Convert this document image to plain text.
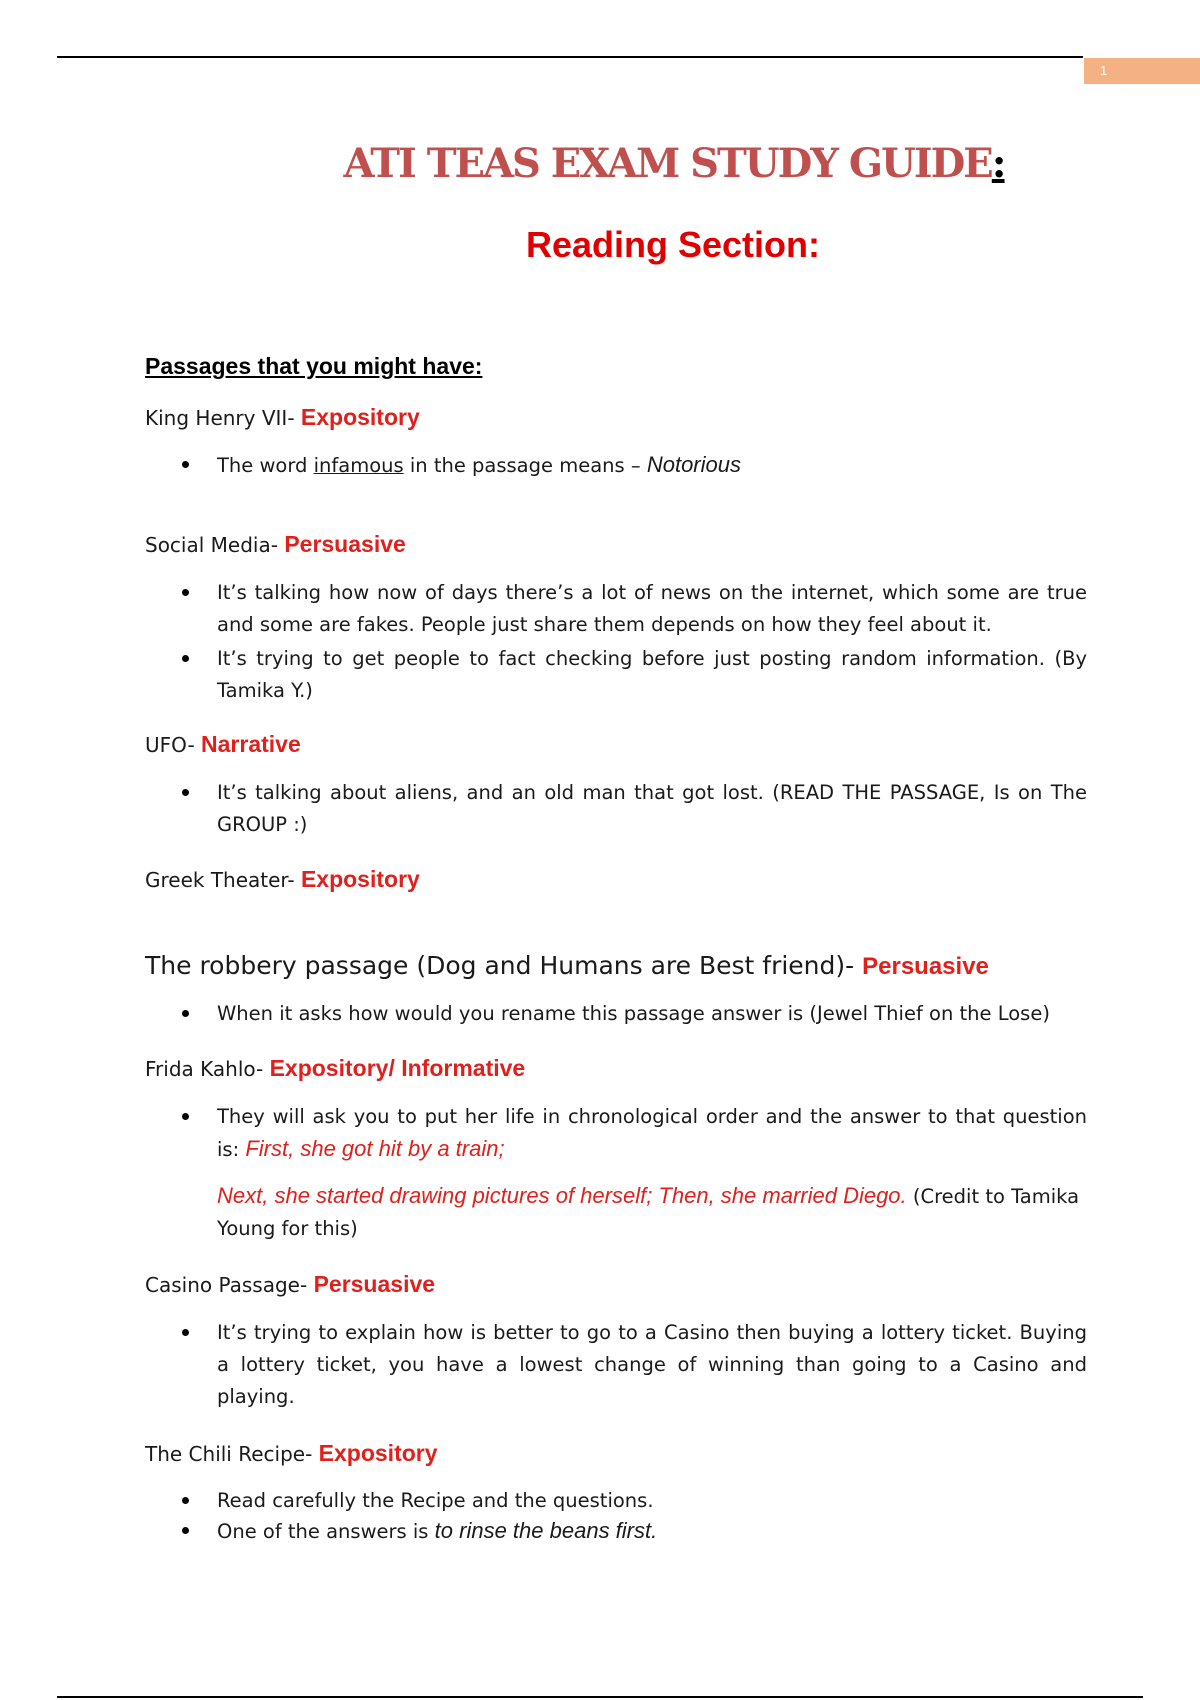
1
ATI TEAS EXAM STUDY GUIDE:
Reading Section:
Passages that you might have:
King Henry VII- Expository
The word infamous in the passage means – Notorious
Social Media- Persuasive
It’s talking how now of days there’s a lot of news on the internet, which some are true and some are fakes. People just share them depends on how they feel about it.
It’s trying to get people to fact checking before just posting random information. (By Tamika Y.)
UFO- Narrative
It’s talking about aliens, and an old man that got lost. (READ THE PASSAGE, Is on The GROUP :)
Greek Theater- Expository
The robbery passage (Dog and Humans are Best friend)- Persuasive
When it asks how would you rename this passage answer is (Jewel Thief on the Lose)
Frida Kahlo- Expository/ Informative
They will ask you to put her life in chronological order and the answer to that question is: First, she got hit by a train;
Next, she started drawing pictures of herself; Then, she married Diego. (Credit to Tamika Young for this)
Casino Passage- Persuasive
It’s trying to explain how is better to go to a Casino then buying a lottery ticket. Buying a lottery ticket, you have a lowest change of winning than going to a Casino and playing.
The Chili Recipe- Expository
Read carefully the Recipe and the questions.
One of the answers is to rinse the beans first.
